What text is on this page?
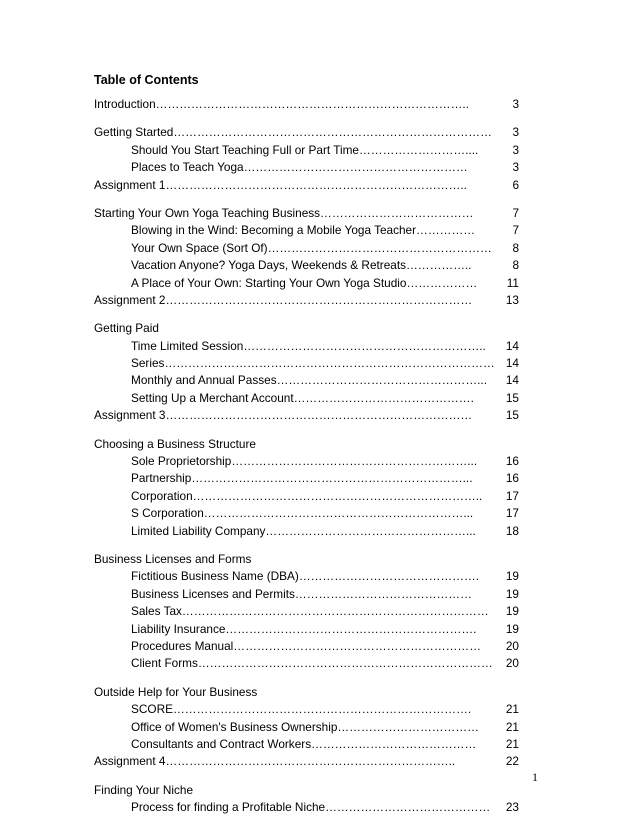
Table of Contents
Introduction……………………………………………………………………..	3
Getting Started……………………………………………………………………… 3
Should You Start Teaching Full or Part Time………………………....	3
Places to Teach Yoga…………………………………………………	3
Assignment 1…………………………………………………………………..	6
Starting Your Own Yoga Teaching Business…………………………………	7
Blowing in the Wind: Becoming a Mobile Yoga Teacher……………	7
Your Own Space (Sort Of)………………………………………………… 8
Vacation Anyone? Yoga Days, Weekends & Retreats……………..	8
A Place of Your Own: Starting Your Own Yoga Studio………………	11
Assignment 2……………………………………………………………………	13
Getting Paid
Time Limited Session…………………………………………………….. 14
Series………………………………………………………………………… 14
Monthly and Annual Passes……………………………………………... 14
Setting Up a Merchant Account……………………………………….	15
Assignment 3……………………………………………………………………	15
Choosing a Business Structure
Sole Proprietorship……………………………………………………... 16
Partnership……………………………………………………………...	16
Corporation……………………………………………………………….. 17
S Corporation…………………………………………………………...	17
Limited Liability Company……………………………………………...	18
Business Licenses and Forms
Fictitious Business Name (DBA)………………………………………. 19
Business Licenses and Permits………………………………………	19
Sales Tax…………………………………………………………………… 19
Liability Insurance………………………………………………………. 19
Procedures Manual……………………………………………………… 20
Client Forms………………………………………………………………… 20
Outside Help for Your Business
SCORE………………………………………………………………….	21
Office of Women's Business Ownership……………………………… 21
Consultants and Contract Workers……………………………………	21
Assignment 4………………………………………………………………..	22
Finding Your Niche
Process for finding a Profitable Niche…………………………………… 23
1
